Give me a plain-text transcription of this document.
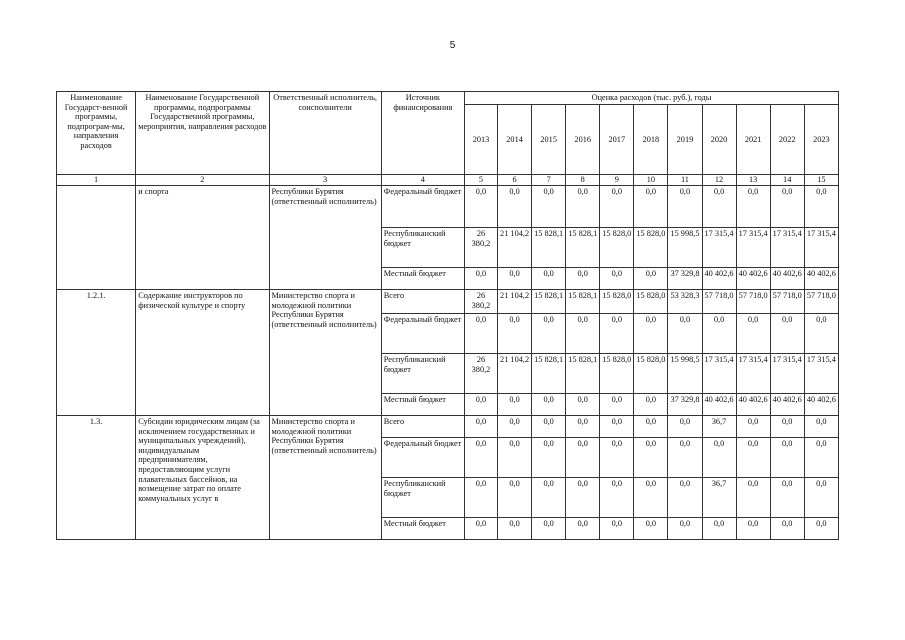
5
Наименование Государст-венной программы, подпрограм-мы, направления расходов	Наименование Государственной программы, подпрограммы Государственной программы, мероприятия, направления расходов	Ответственный исполнитель, соисполнители	Источник финансирования	Оценка расходов (тыс. руб.), годы										
				2013	2014	2015	2016	2017	2018	2019	2020	2021	2022	2023
1	2	3	4	5	6	7	8	9	10	11	12	13	14	15
	и спорта	Республики Бурятия (ответственный исполнитель)	Федеральный бюджет	0,0	0,0	0,0	0,0	0,0	0,0	0,0	0,0	0,0	0,0	0,0
			Республиканский бюджет	26 380,2	21 104,2	15 828,1	15 828,1	15 828,0	15 828,0	15 998,5	17 315,4	17 315,4	17 315,4	17 315,4
			Местный бюджет	0,0	0,0	0,0	0,0	0,0	0,0	37 329,8	40 402,6	40 402,6	40 402,6	40 402,6
1.2.1.	Содержание инструкторов по физической культуре и спорту	Министерство спорта и молодежной политики Республики Бурятия (ответственный исполнитель)	Всего	26 380,2	21 104,2	15 828,1	15 828,1	15 828,0	15 828,0	53 328,3	57 718,0	57 718,0	57 718,0	57 718,0
			Федеральный бюджет	0,0	0,0	0,0	0,0	0,0	0,0	0,0	0,0	0,0	0,0	0,0
			Республиканский бюджет	26 380,2	21 104,2	15 828,1	15 828,1	15 828,0	15 828,0	15 998,5	17 315,4	17 315,4	17 315,4	17 315,4
			Местный бюджет	0,0	0,0	0,0	0,0	0,0	0,0	37 329,8	40 402,6	40 402,6	40 402,6	40 402,6
1.3.	Субсидии юридическим лицам (за исключением государственных и муниципальных учреждений), индивидуальным предпринимателям, предоставляющим услуги плавательных бассейнов, на возмещение затрат по оплате коммунальных услуг в	Министерство спорта и молодежной политики Республики Бурятия (ответственный исполнитель)	Всего	0,0	0,0	0,0	0,0	0,0	0,0	0,0	36,7	0,0	0,0	0,0
			Федеральный бюджет	0,0	0,0	0,0	0,0	0,0	0,0	0,0	0,0	0,0	0,0	0,0
			Республиканский бюджет	0,0	0,0	0,0	0,0	0,0	0,0	0,0	36,7	0,0	0,0	0,0
			Местный бюджет	0,0	0,0	0,0	0,0	0,0	0,0	0,0	0,0	0,0	0,0	0,0
